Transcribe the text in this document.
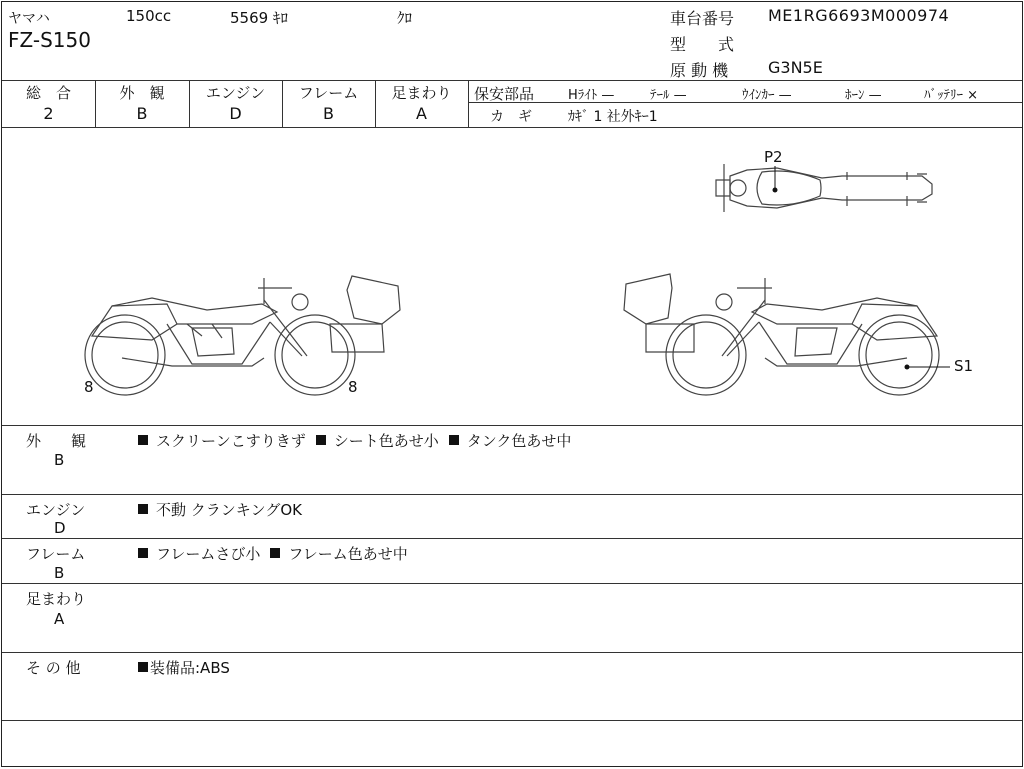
ヤマハ	150cc	5569 ｷﾛ	ｸﾛ
FZ-S150
車台番号 ME1RG6693M000974
型　　式
原 動 機 G3N5E
総　合	外　観	エンジン	フレーム	足まわり
2	B	D	B	A
保安部品	Hﾗｲﾄ —	ﾃｰﾙ —	ｳｲﾝｶｰ —	ﾎｰﾝ —	ﾊﾞｯﾃﾘｰ ×
カ　ギ	ｶｷﾞ 1 社外ｷｰ1
P2
8	8
S1
外　　観
B
スクリーンこすりきず シート色あせ小 タンク色あせ中
エンジン
D
不動 クランキングOK
フレーム
B
フレームさび小 フレーム色あせ中
足まわり
A
そ の 他	装備品:ABS
